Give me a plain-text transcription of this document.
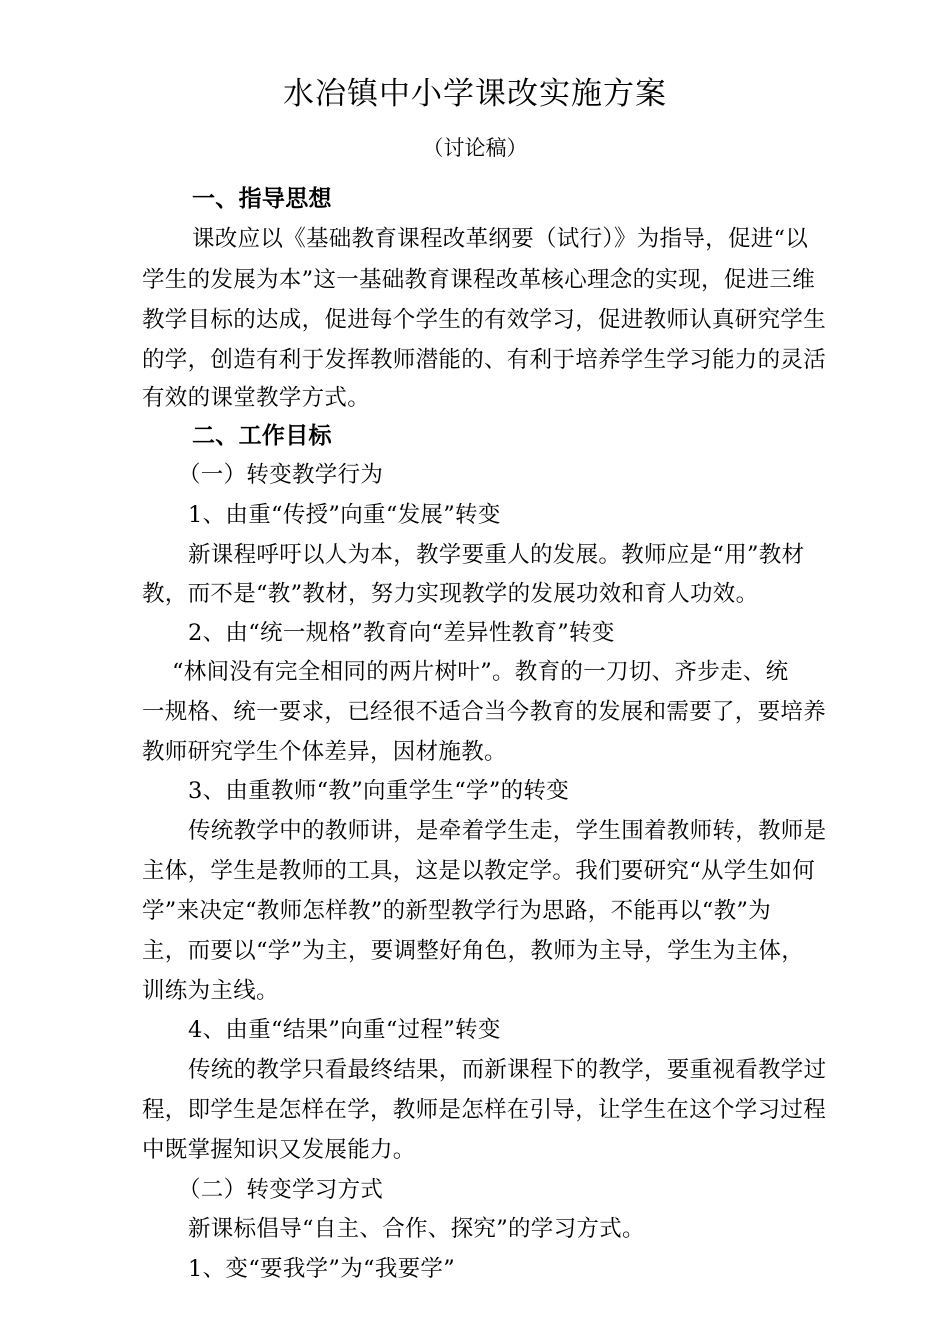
水冶镇中小学课改实施方案
（讨论稿）
一、指导思想
课改应以《基础教育课程改革纲要（试行）》为指导，促进“以
学生的发展为本”这一基础教育课程改革核心理念的实现，促进三维
教学目标的达成，促进每个学生的有效学习，促进教师认真研究学生
的学，创造有利于发挥教师潜能的、有利于培养学生学习能力的灵活
有效的课堂教学方式。
二、工作目标
（一）转变教学行为
1、由重“传授”向重“发展”转变
新课程呼吁以人为本，教学要重人的发展。教师应是“用”教材
教，而不是“教”教材，努力实现教学的发展功效和育人功效。
2、由“统一规格”教育向“差异性教育”转变
“林间没有完全相同的两片树叶”。教育的一刀切、齐步走、统
一规格、统一要求，已经很不适合当今教育的发展和需要了，要培养
教师研究学生个体差异，因材施教。
3、由重教师“教”向重学生“学”的转变
传统教学中的教师讲，是牵着学生走，学生围着教师转，教师是
主体，学生是教师的工具，这是以教定学。我们要研究“从学生如何
学”来决定“教师怎样教”的新型教学行为思路，不能再以“教”为
主，而要以“学”为主，要调整好角色，教师为主导，学生为主体，
训练为主线。
4、由重“结果”向重“过程”转变
传统的教学只看最终结果，而新课程下的教学，要重视看教学过
程，即学生是怎样在学，教师是怎样在引导，让学生在这个学习过程
中既掌握知识又发展能力。
（二）转变学习方式
新课标倡导“自主、合作、探究”的学习方式。
1、变“要我学”为“我要学”
